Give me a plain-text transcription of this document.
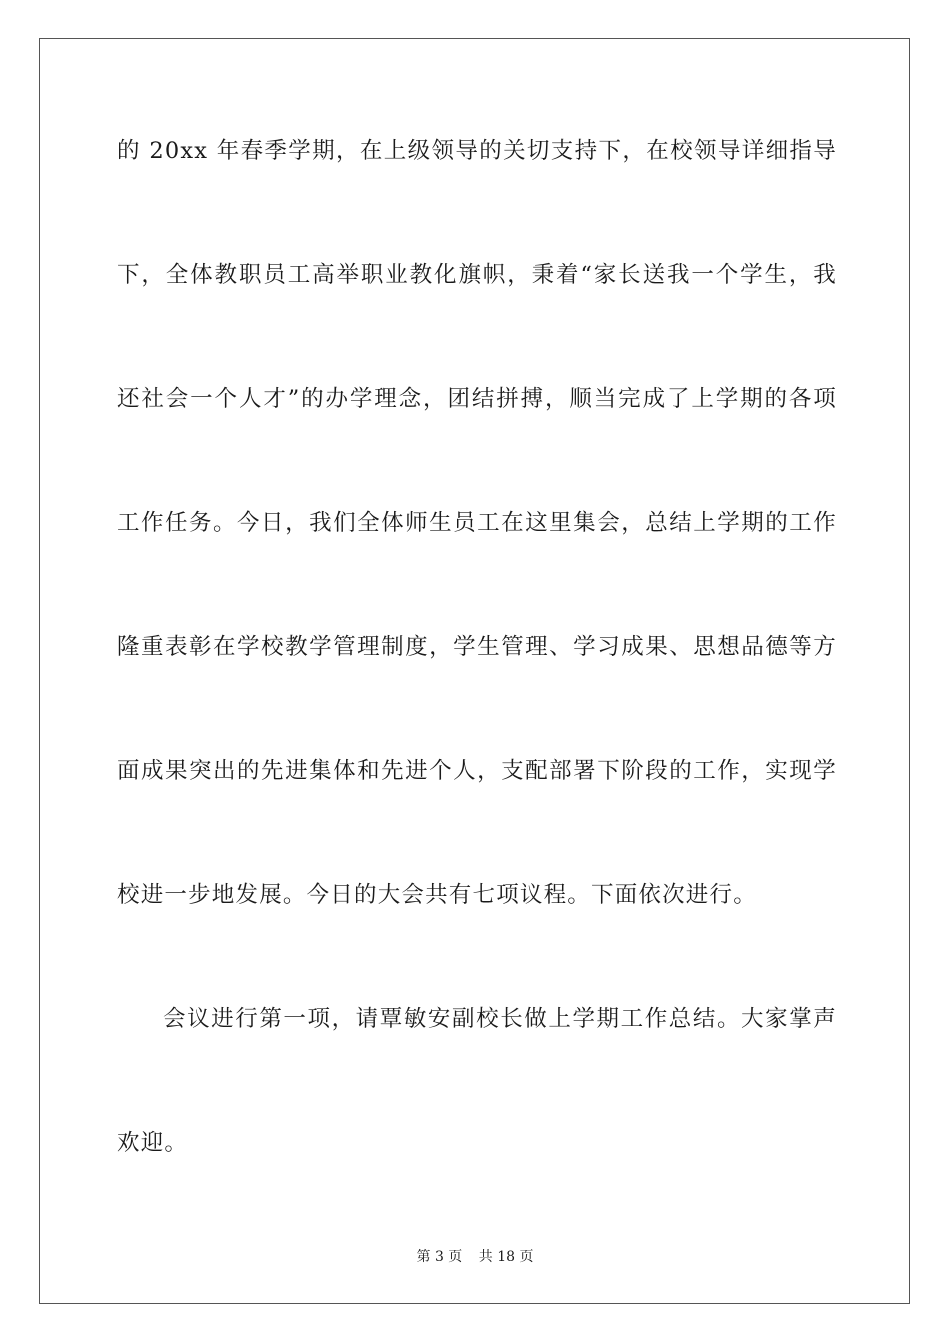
的 20xx 年春季学期，在上级领导的关切支持下，在校领导详细指导
下，全体教职员工高举职业教化旗帜，秉着“家长送我一个学生，我
还社会一个人才”的办学理念，团结拼搏，顺当完成了上学期的各项
工作任务。今日，我们全体师生员工在这里集会，总结上学期的工作
隆重表彰在学校教学管理制度，学生管理、学习成果、思想品德等方
面成果突出的先进集体和先进个人，支配部署下阶段的工作，实现学
校进一步地发展。今日的大会共有七项议程。下面依次进行。
会议进行第一项，请覃敏安副校长做上学期工作总结。大家掌声
欢迎。
第 3 页 共 18 页
